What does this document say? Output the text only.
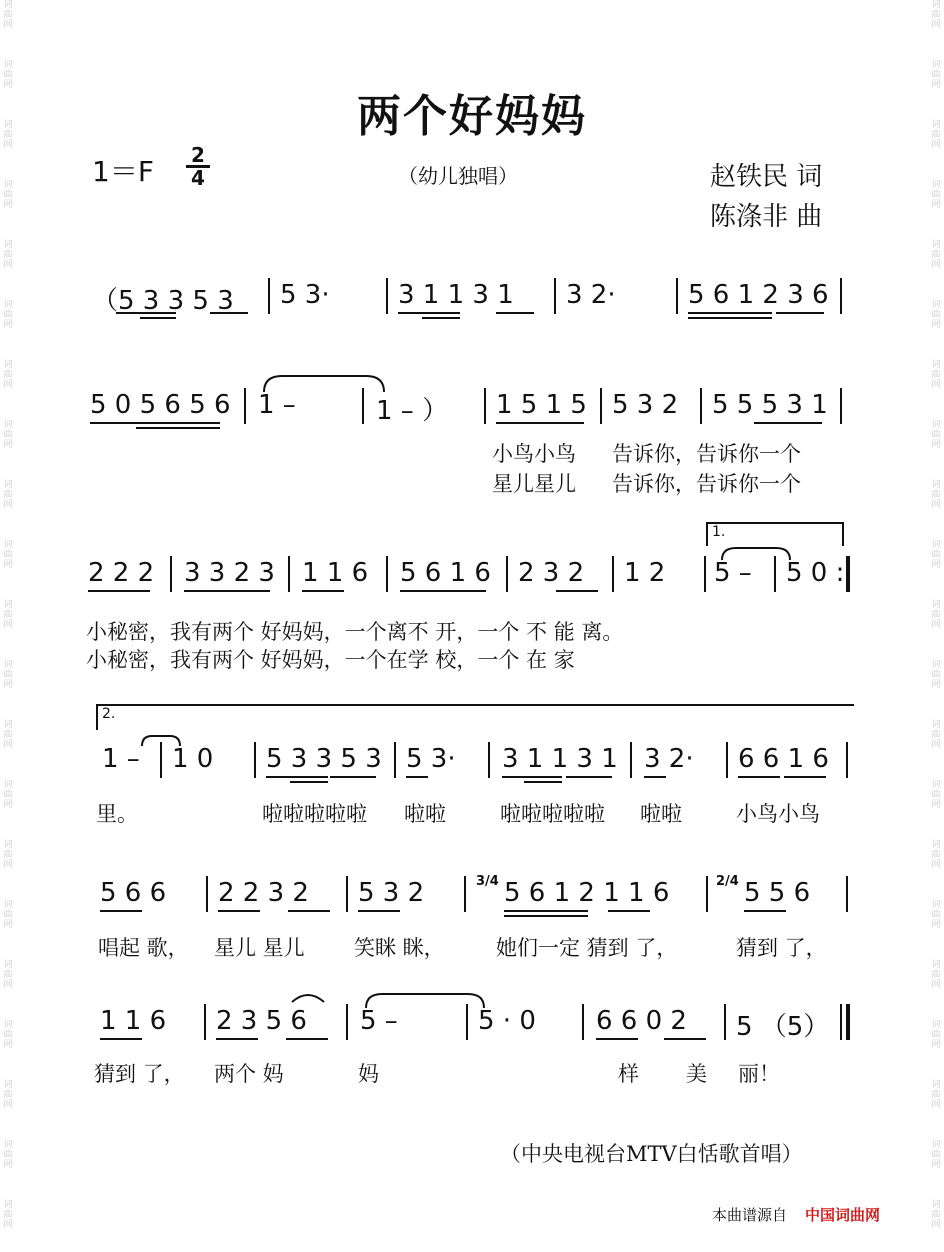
词
曲
网
词
曲
网
词
曲
网
词
曲
网
词
曲
网
词
曲
网
词
曲
网
词
曲
网
词
曲
网
词
曲
网
词
曲
网
词
曲
网
词
曲
网
词
曲
网
词
曲
网
词
曲
网
词
曲
网
词
曲
网
词
曲
网
词
曲
网
词
曲
网
词
曲
网
词
曲
网
词
曲
网
词
曲
网
词
曲
网
词
曲
网
词
曲
网
词
曲
网
词
曲
网
词
曲
网
词
曲
网
词
曲
网
词
曲
网
词
曲
网
词
曲
网
词
曲
网
词
曲
网
词
曲
网
词
曲
网
词
曲
网
词
曲
网
两个好妈妈
1＝F 2
4	（幼儿独唱）	赵铁民 词
陈涤非 曲
（5 3 3 5 3 5 3·	3 1 1 3 1 3 2·	5 6 1 2 3 6
5 0 5 6 5 6 1 –	1 – ） 1 5 1 5 5 3 2 5 5 5 3 1
小鸟小鸟 告诉你，告诉你一个
星儿星儿 告诉你，告诉你一个
1.
2 2 2 3 3 2 3 1 1 6 5 6 1 6 2 3 2 1 2 5 – 5 0 :
小秘密，我有两个 好妈妈，一个离不 开，一个 不 能 离。
小秘密，我有两个 好妈妈，一个在学 校，一个 在 家
2.
1 – 1 0 5 3 3 5 3 5 3· 3 1 1 3 1 3 2· 6 6 1 6
里。	啦啦啦啦啦 啦啦	啦啦啦啦啦 啦啦	小鸟小鸟
5 6 6 2 2 3 2 5 3 2	3/4 5 6 1 2 1 1 6	2/4 5 5 6
唱起 歌， 星儿 星儿 笑眯 眯， 她们一定 猜到 了，	猜到 了，
1 1 6 2 3 5 6 5 –	5 · 0 6 6 0 2 5 （5）
猜到 了， 两个 妈	妈	样 美 丽！
（中央电视台MTV白恬歌首唱）
本曲谱源自 中国词曲网
